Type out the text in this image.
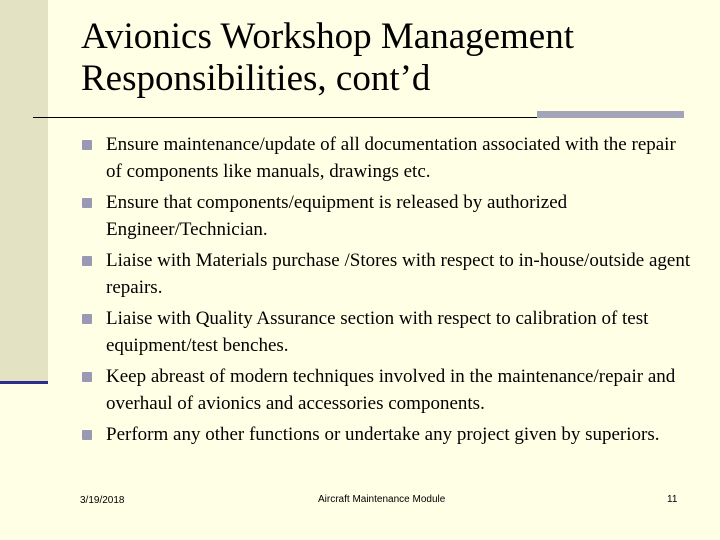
Avionics Workshop Management
Responsibilities, cont’d
Ensure maintenance/update of all documentation associated with the repair of components like manuals, drawings etc.
Ensure that components/equipment is released by authorized Engineer/Technician.
Liaise with Materials purchase /Stores with respect to in-house/outside agent repairs.
Liaise with Quality Assurance section with respect to calibration of test equipment/test benches.
Keep abreast of modern techniques involved in the maintenance/repair and overhaul of avionics and accessories components.
Perform any other functions or undertake any project given by superiors.
3/19/2018	Aircraft Maintenance Module	11
